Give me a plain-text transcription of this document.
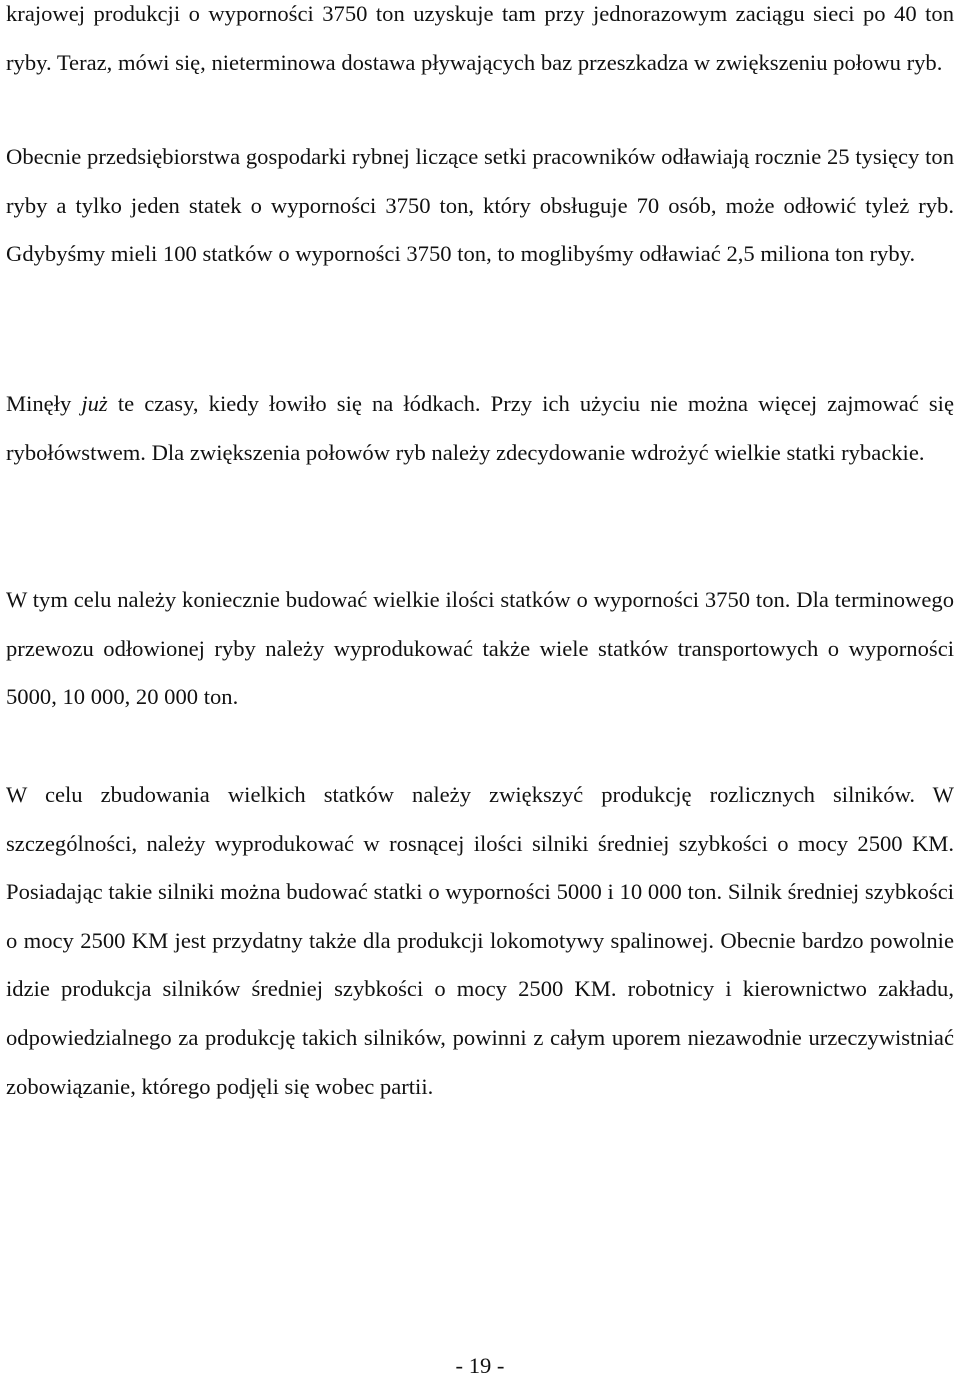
krajowej produkcji o wyporności 3750 ton uzyskuje tam przy jednorazowym zaciągu sieci po 40 ton ryby. Teraz, mówi się, nieterminowa dostawa pływających baz przeszkadza w zwiększeniu połowu ryb.

Obecnie przedsiębiorstwa gospodarki rybnej liczące setki pracowników odławiają rocznie 25 tysięcy ton ryby a tylko jeden statek o wyporności 3750 ton, który obsługuje 70 osób, może odłowić tyleż ryb. Gdybyśmy mieli 100 statków o wyporności 3750 ton, to moglibyśmy odławiać 2,5 miliona ton ryby.

Minęły już te czasy, kiedy łowiło się na łódkach. Przy ich użyciu nie można więcej zajmować się rybołówstwem. Dla zwiększenia połowów ryb należy zdecydowanie wdrożyć wielkie statki rybackie.

W tym celu należy koniecznie budować wielkie ilości statków o wyporności 3750 ton. Dla terminowego przewozu odłowionej ryby należy wyprodukować także wiele statków transportowych o wyporności 5000, 10 000, 20 000 ton.

W celu zbudowania wielkich statków należy zwiększyć produkcję rozlicznych silników. W szczególności, należy wyprodukować w rosnącej ilości silniki średniej szybkości o mocy 2500 KM. Posiadając takie silniki można budować statki o wyporności 5000 i 10 000 ton. Silnik średniej szybkości o mocy 2500 KM jest przydatny także dla produkcji lokomotywy spalinowej. Obecnie bardzo powolnie idzie produkcja silników średniej szybkości o mocy 2500 KM. robotnicy i kierownictwo zakładu, odpowiedzialnego za produkcję takich silników, powinni z całym uporem niezawodnie urzeczywistniać zobowiązanie, którego podjęli się wobec partii.

- 19 -
